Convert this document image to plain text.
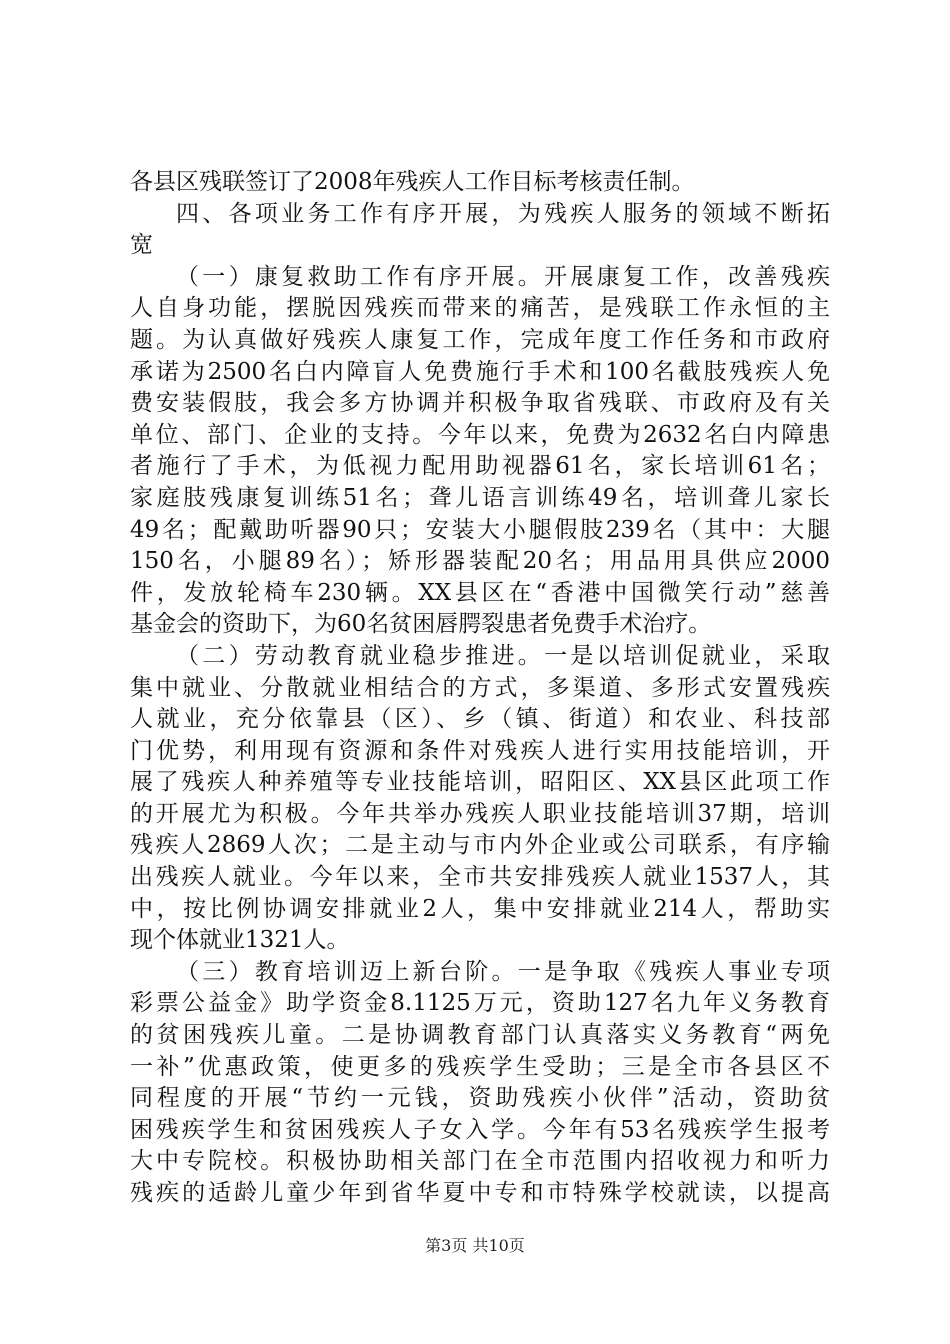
各县区残联签订了2008年残疾人工作目标考核责任制。
四、各项业务工作有序开展，为残疾人服务的领域不断拓
宽
（一）康复救助工作有序开展。开展康复工作，改善残疾
人自身功能，摆脱因残疾而带来的痛苦，是残联工作永恒的主
题。为认真做好残疾人康复工作，完成年度工作任务和市政府
承诺为2500名白内障盲人免费施行手术和100名截肢残疾人免
费安装假肢，我会多方协调并积极争取省残联、市政府及有关
单位、部门、企业的支持。今年以来，免费为2632名白内障患
者施行了手术，为低视力配用助视器61名，家长培训61名；
家庭肢残康复训练51名；聋儿语言训练49名，培训聋儿家长
49名；配戴助听器90只；安装大小腿假肢239名（其中：大腿
150名，小腿89名）；矫形器装配20名；用品用具供应2000
件，发放轮椅车230辆。XX县区在“香港中国微笑行动”慈善
基金会的资助下，为60名贫困唇腭裂患者免费手术治疗。
（二）劳动教育就业稳步推进。一是以培训促就业，采取
集中就业、分散就业相结合的方式，多渠道、多形式安置残疾
人就业，充分依靠县（区）、乡（镇、街道）和农业、科技部
门优势，利用现有资源和条件对残疾人进行实用技能培训，开
展了残疾人种养殖等专业技能培训，昭阳区、XX县区此项工作
的开展尤为积极。今年共举办残疾人职业技能培训37期，培训
残疾人2869人次；二是主动与市内外企业或公司联系，有序输
出残疾人就业。今年以来，全市共安排残疾人就业1537人，其
中，按比例协调安排就业2人，集中安排就业214人，帮助实
现个体就业1321人。
（三）教育培训迈上新台阶。一是争取《残疾人事业专项
彩票公益金》助学资金8.1125万元，资助127名九年义务教育
的贫困残疾儿童。二是协调教育部门认真落实义务教育“两免
一补”优惠政策，使更多的残疾学生受助；三是全市各县区不
同程度的开展“节约一元钱，资助残疾小伙伴”活动，资助贫
困残疾学生和贫困残疾人子女入学。今年有53名残疾学生报考
大中专院校。积极协助相关部门在全市范围内招收视力和听力
残疾的适龄儿童少年到省华夏中专和市特殊学校就读，以提高
第3页 共10页
